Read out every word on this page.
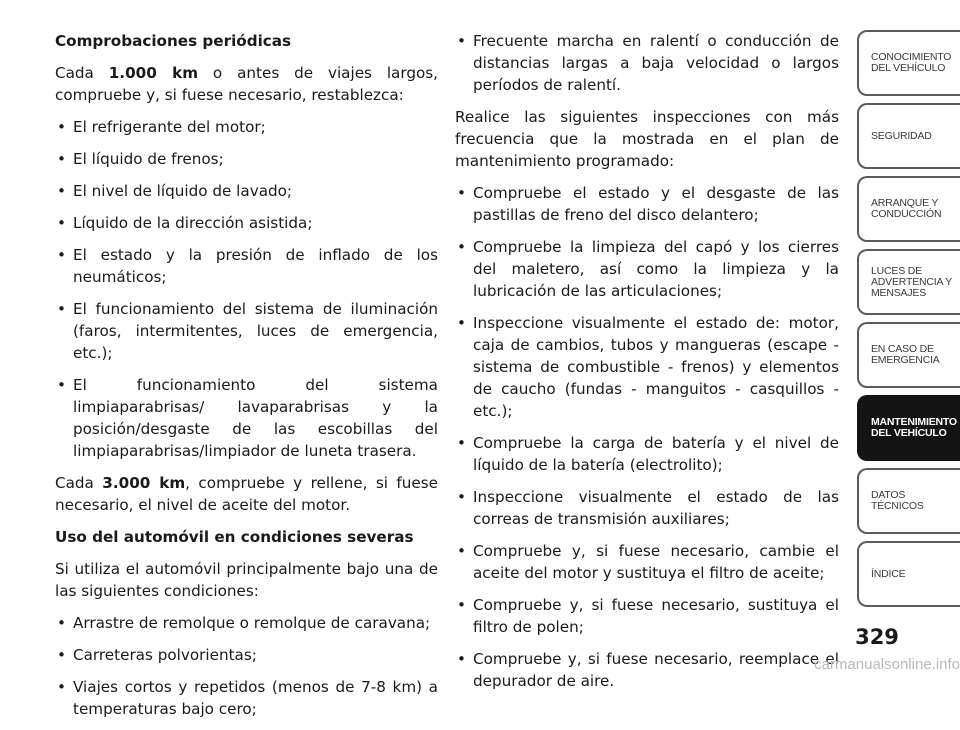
Comprobaciones periódicas

Cada 1.000 km o antes de viajes largos, compruebe y, si fuese necesario, restablezca:

• El refrigerante del motor;
• El líquido de frenos;
• El nivel de líquido de lavado;
• Líquido de la dirección asistida;
• El estado y la presión de inflado de los neumáticos;
• El funcionamiento del sistema de iluminación (faros, intermitentes, luces de emergencia, etc.);
• El funcionamiento del sistema limpiaparabrisas/ lavaparabrisas y la posición/desgaste de las escobillas del limpiaparabrisas/limpiador de luneta trasera.

Cada 3.000 km, compruebe y rellene, si fuese necesario, el nivel de aceite del motor.

Uso del automóvil en condiciones severas

Si utiliza el automóvil principalmente bajo una de las siguientes condiciones:

• Arrastre de remolque o remolque de caravana;
• Carreteras polvorientas;
• Viajes cortos y repetidos (menos de 7-8 km) a temperaturas bajo cero;
• Frecuente marcha en ralentí o conducción de distancias largas a baja velocidad o largos períodos de ralentí.

Realice las siguientes inspecciones con más frecuencia que la mostrada en el plan de mantenimiento programado:

• Compruebe el estado y el desgaste de las pastillas de freno del disco delantero;
• Compruebe la limpieza del capó y los cierres del maletero, así como la limpieza y la lubricación de las articulaciones;
• Inspeccione visualmente el estado de: motor, caja de cambios, tubos y mangueras (escape - sistema de combustible - frenos) y elementos de caucho (fundas - manguitos - casquillos - etc.);
• Compruebe la carga de batería y el nivel de líquido de la batería (electrolito);
• Inspeccione visualmente el estado de las correas de transmisión auxiliares;
• Compruebe y, si fuese necesario, cambie el aceite del motor y sustituya el filtro de aceite;
• Compruebe y, si fuese necesario, sustituya el filtro de polen;
• Compruebe y, si fuese necesario, reemplace el depurador de aire.
CONOCIMIENTO
DEL VEHÍCULO
SEGURIDAD
ARRANQUE Y
CONDUCCIÓN
LUCES DE
ADVERTENCIA Y
MENSAJES
EN CASO DE
EMERGENCIA
MANTENIMIENTO
DEL VEHÍCULO
DATOS
TÉCNICOS
ÍNDICE
329
carmanualsonline.info
